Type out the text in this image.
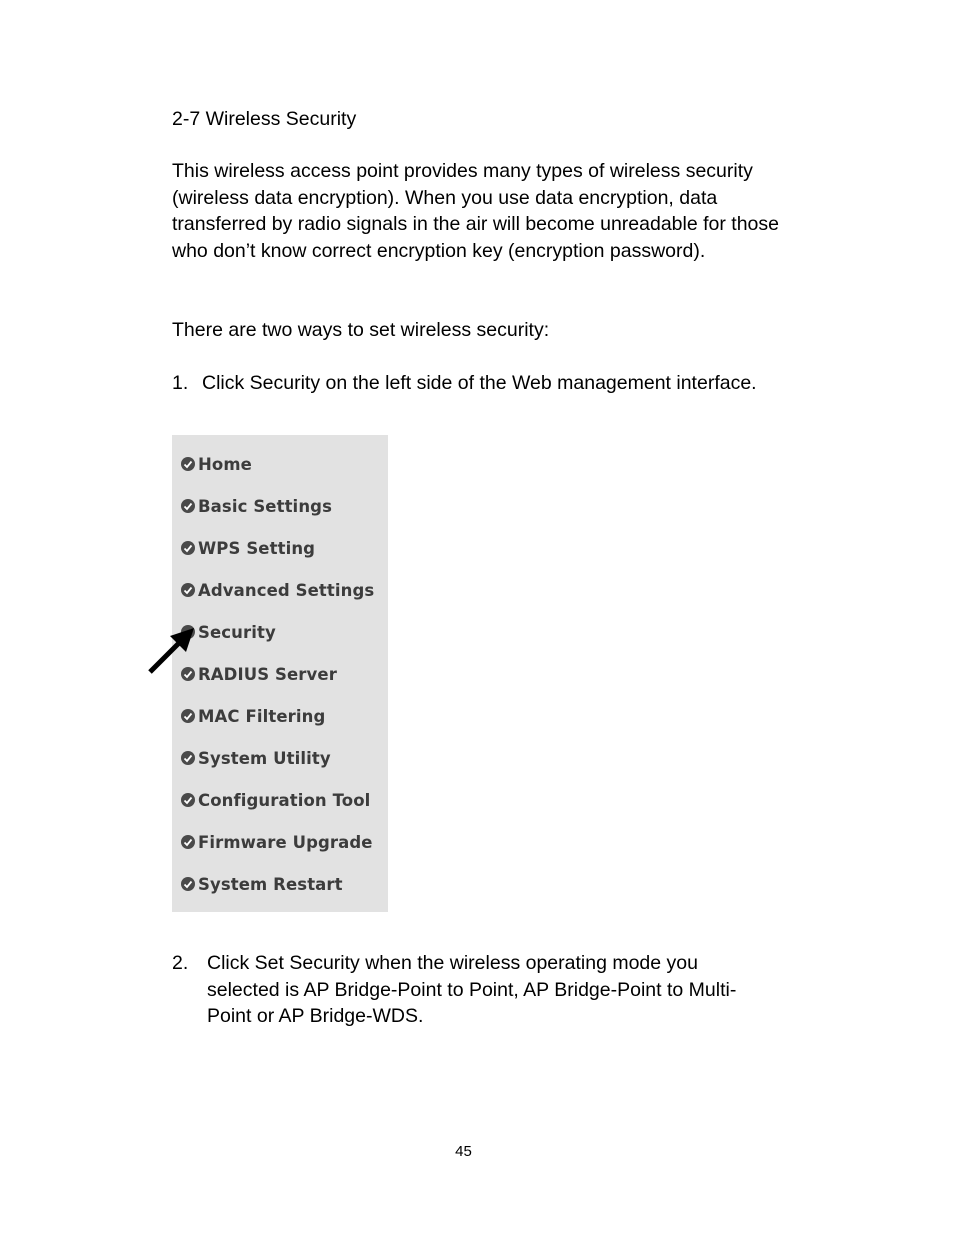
2-7 Wireless Security

This wireless access point provides many types of wireless security (wireless data encryption). When you use data encryption, data transferred by radio signals in the air will become unreadable for those who don’t know correct encryption key (encryption password).

There are two ways to set wireless security:

1. Click Security on the left side of the Web management interface.
Home
Basic Settings
WPS Setting
Advanced Settings
Security
RADIUS Server
MAC Filtering
System Utility
Configuration Tool
Firmware Upgrade
System Restart
2. Click Set Security when the wireless operating mode you selected is AP Bridge-Point to Point, AP Bridge-Point to Multi-Point or AP Bridge-WDS.
45
